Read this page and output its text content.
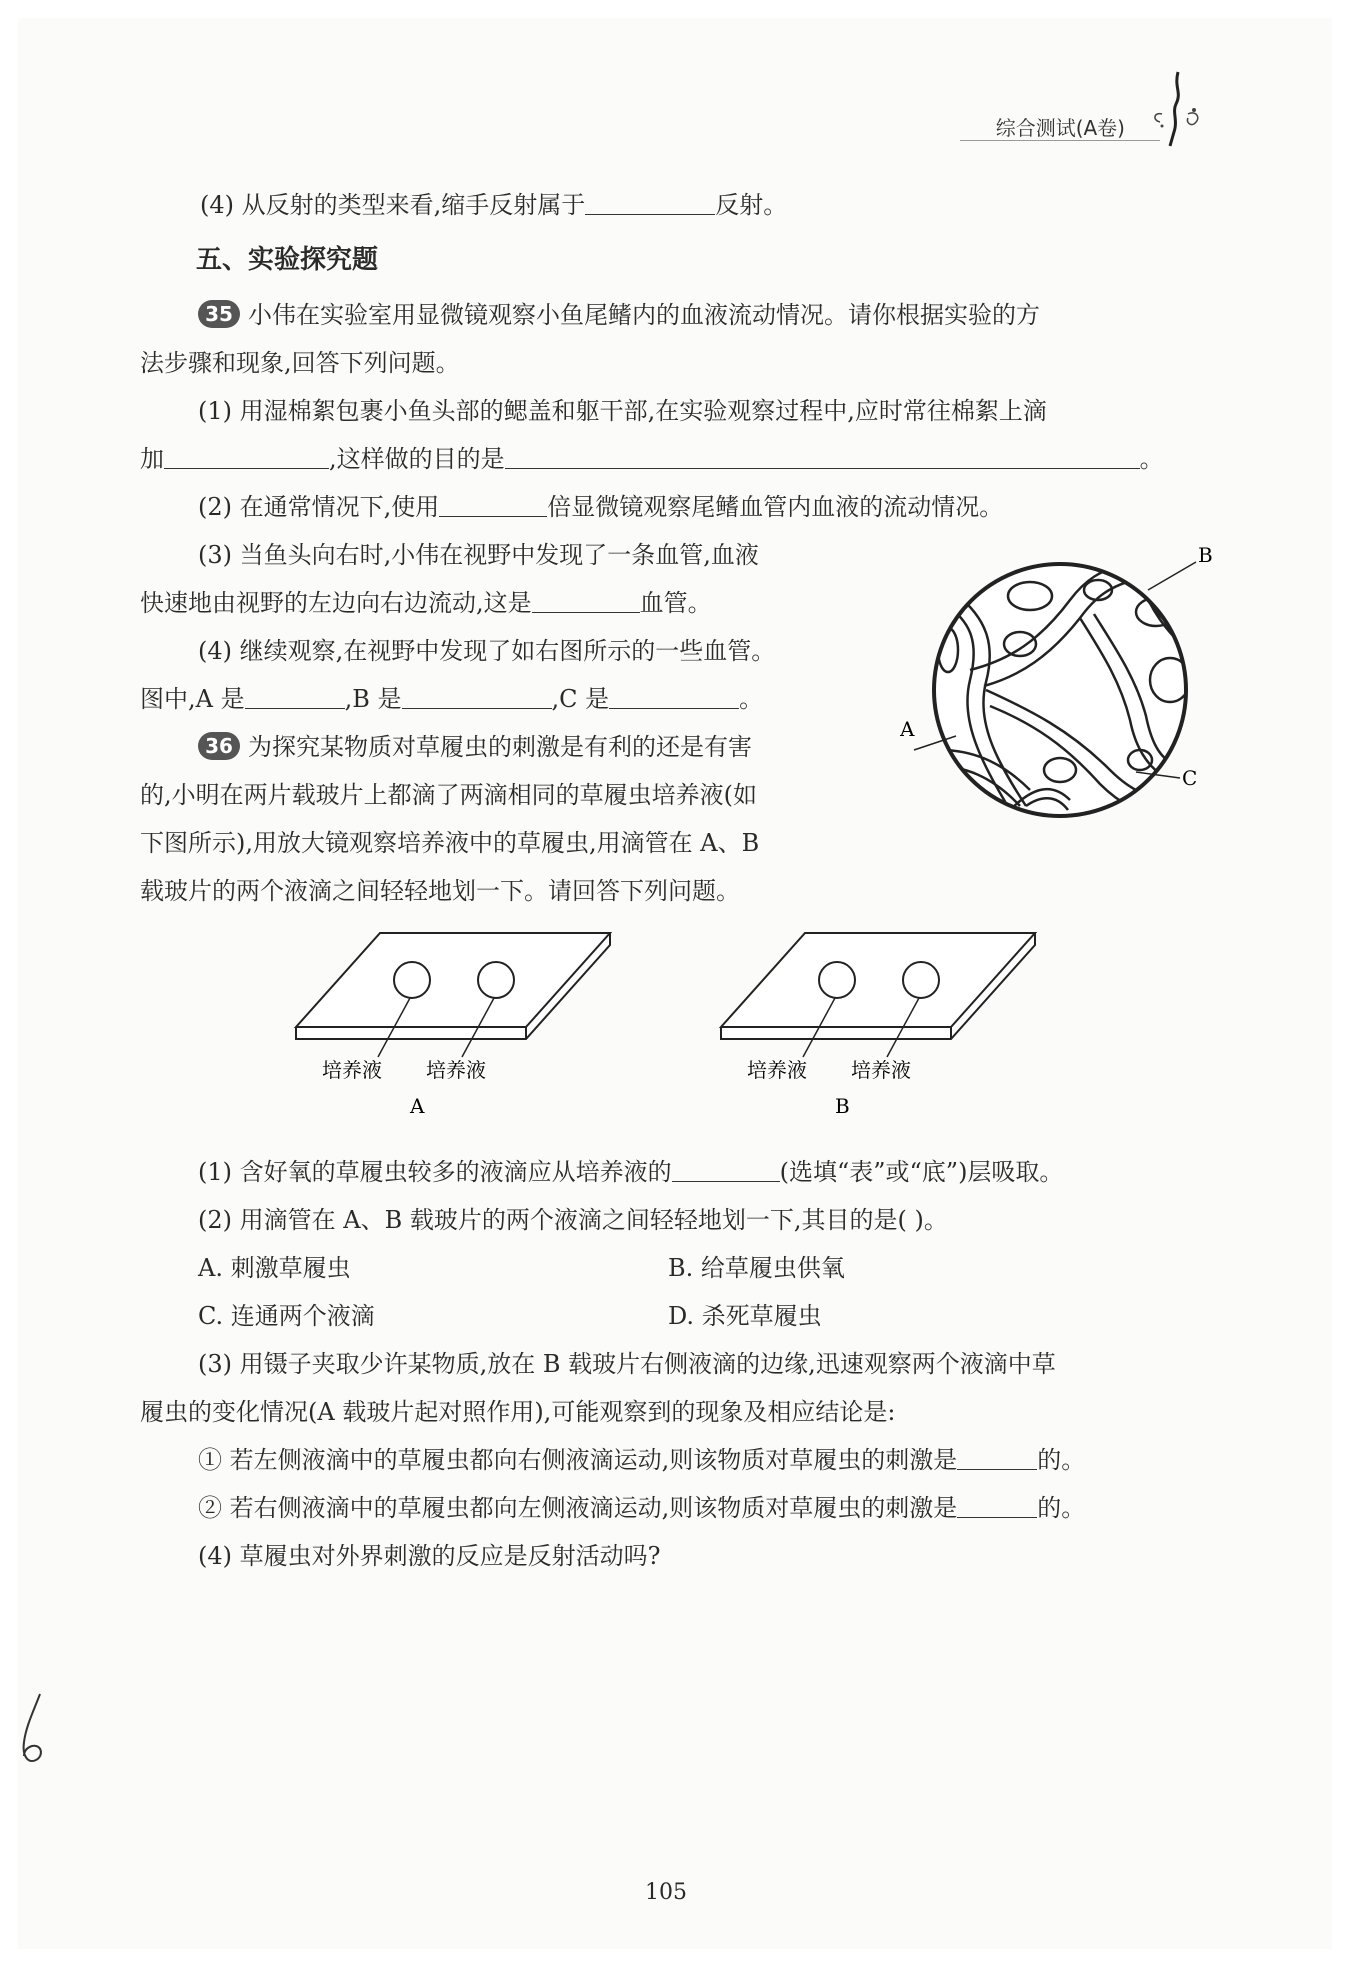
综合测试(A卷)
(4) 从反射的类型来看,缩手反射属于	反射。
五、实验探究题
35 小伟在实验室用显微镜观察小鱼尾鳍内的血液流动情况。请你根据实验的方
法步骤和现象,回答下列问题。
(1) 用湿棉絮包裹小鱼头部的鳃盖和躯干部,在实验观察过程中,应时常往棉絮上滴
加	,这样做的目的是	。
(2) 在通常情况下,使用	倍显微镜观察尾鳍血管内血液的流动情况。
(3) 当鱼头向右时,小伟在视野中发现了一条血管,血液
快速地由视野的左边向右边流动,这是	血管。
(4) 继续观察,在视野中发现了如右图所示的一些血管。
图中,A 是	,B 是	,C 是	。
B
A
C
36 为探究某物质对草履虫的刺激是有利的还是有害
的,小明在两片载玻片上都滴了两滴相同的草履虫培养液(如
下图所示),用放大镜观察培养液中的草履虫,用滴管在 A、B
载玻片的两个液滴之间轻轻地划一下。请回答下列问题。
培养液 培养液
A
培养液 培养液
B
(1) 含好氧的草履虫较多的液滴应从培养液的	(选填“表”或“底”)层吸取。
(2) 用滴管在 A、B 载玻片的两个液滴之间轻轻地划一下,其目的是( )。
A. 刺激草履虫	B. 给草履虫供氧
C. 连通两个液滴	D. 杀死草履虫
(3) 用镊子夹取少许某物质,放在 B 载玻片右侧液滴的边缘,迅速观察两个液滴中草
履虫的变化情况(A 载玻片起对照作用),可能观察到的现象及相应结论是:
① 若左侧液滴中的草履虫都向右侧液滴运动,则该物质对草履虫的刺激是	的。
② 若右侧液滴中的草履虫都向左侧液滴运动,则该物质对草履虫的刺激是	的。
(4) 草履虫对外界刺激的反应是反射活动吗?
105
